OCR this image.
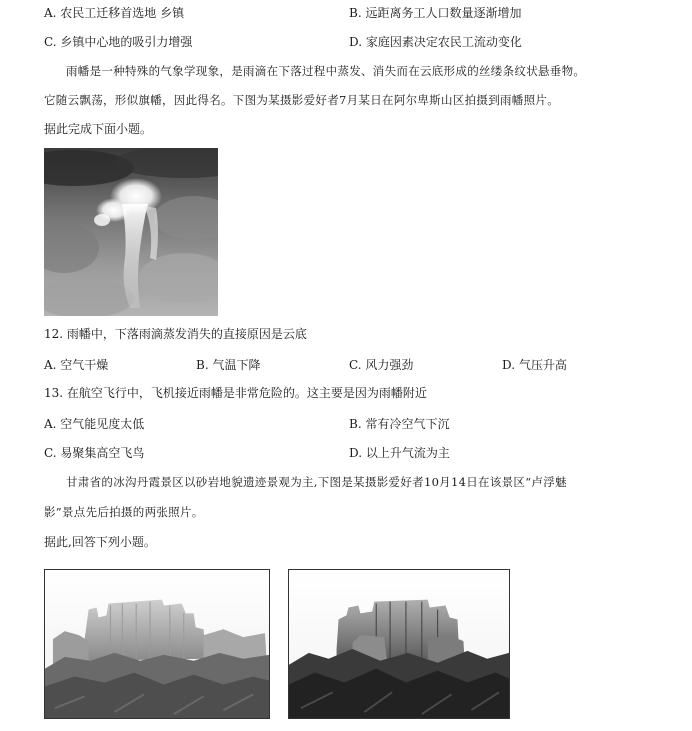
A. 农民工迁移首选地 乡镇	B. 远距离务工人口数量逐渐增加
C. 乡镇中心地的吸引力增强	D. 家庭因素决定农民工流动变化
雨幡是一种特殊的气象学现象，是雨滴在下落过程中蒸发、消失而在云底形成的丝缕条纹状悬垂物。
它随云飘荡，形似旗幡，因此得名。下图为某摄影爱好者7月某日在阿尔卑斯山区拍摄到雨幡照片。
据此完成下面小题。
12. 雨幡中，下落雨滴蒸发消失的直接原因是云底
A. 空气干燥	B. 气温下降	C. 风力强劲	D. 气压升高
13. 在航空飞行中，飞机接近雨幡是非常危险的。这主要是因为雨幡附近
A. 空气能见度太低	B. 常有冷空气下沉
C. 易聚集高空飞鸟	D. 以上升气流为主
甘肃省的冰沟丹霞景区以砂岩地貌遗迹景观为主,下图是某摄影爱好者10月14日在该景区“卢浮魅
影”景点先后拍摄的两张照片。
据此,回答下列小题。
